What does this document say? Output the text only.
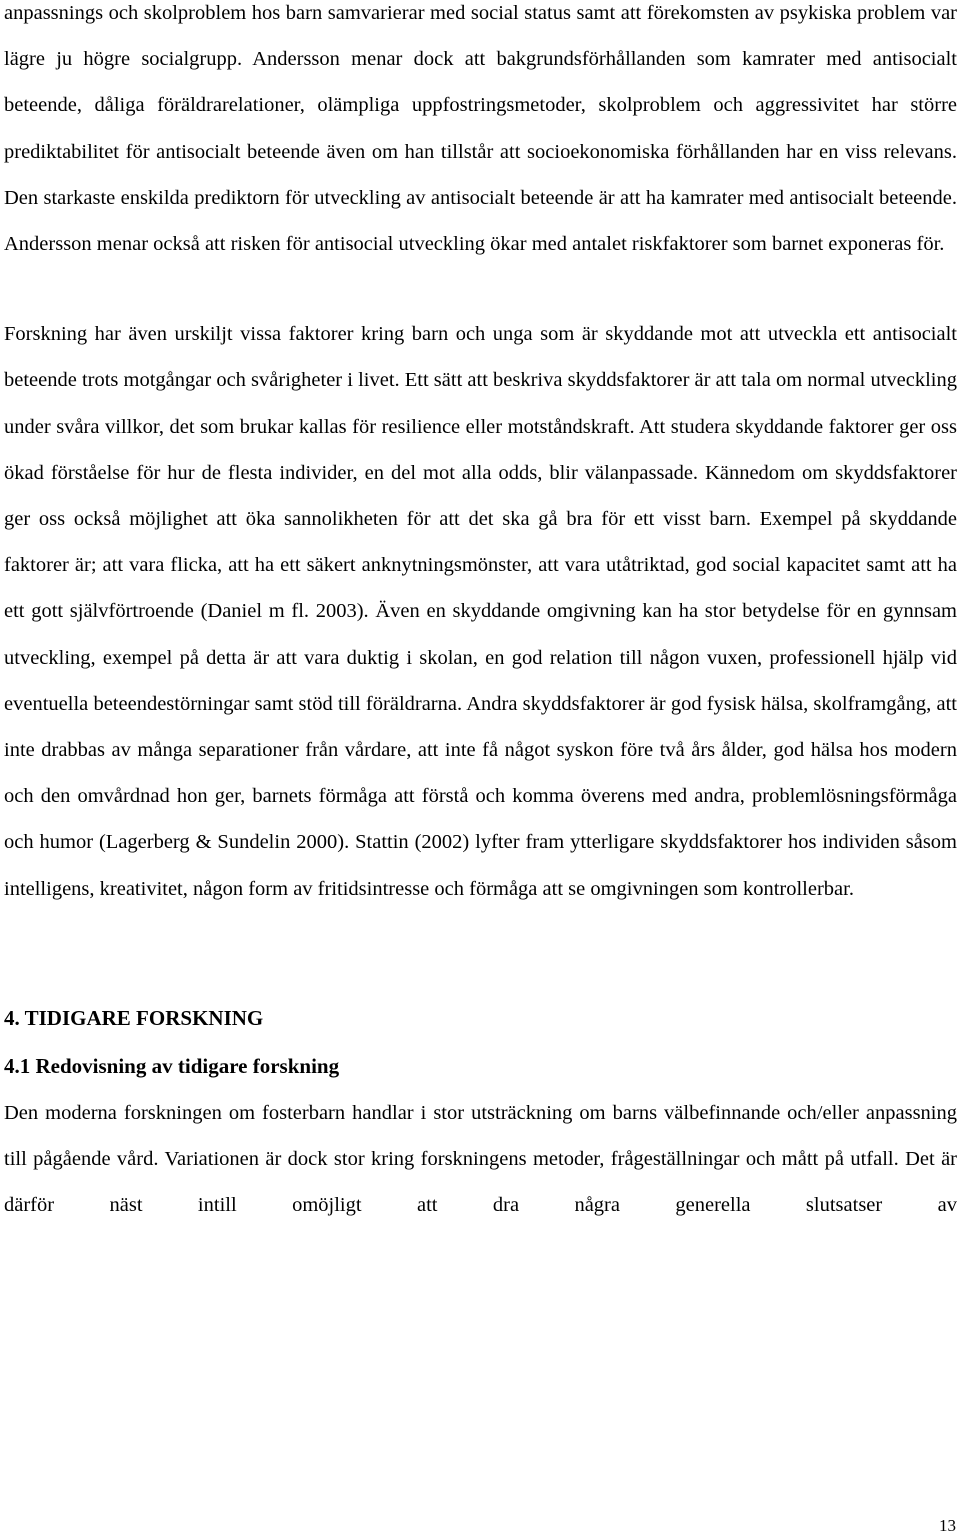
anpassnings och skolproblem hos barn samvarierar med social status samt att förekomsten av psykiska problem var lägre ju högre socialgrupp. Andersson menar dock att bakgrundsförhållanden som kamrater med antisocialt beteende, dåliga föräldrarelationer, olämpliga uppfostringsmetoder, skolproblem och aggressivitet har större prediktabilitet för antisocialt beteende även om han tillstår att socioekonomiska förhållanden har en viss relevans. Den starkaste enskilda prediktorn för utveckling av antisocialt beteende är att ha kamrater med antisocialt beteende. Andersson menar också att risken för antisocial utveckling ökar med antalet riskfaktorer som barnet exponeras för.

Forskning har även urskiljt vissa faktorer kring barn och unga som är skyddande mot att utveckla ett antisocialt beteende trots motgångar och svårigheter i livet. Ett sätt att beskriva skyddsfaktorer är att tala om normal utveckling under svåra villkor, det som brukar kallas för resilience eller motståndskraft. Att studera skyddande faktorer ger oss ökad förståelse för hur de flesta individer, en del mot alla odds, blir välanpassade. Kännedom om skyddsfaktorer ger oss också möjlighet att öka sannolikheten för att det ska gå bra för ett visst barn. Exempel på skyddande faktorer är; att vara flicka, att ha ett säkert anknytningsmönster, att vara utåtriktad, god social kapacitet samt att ha ett gott självförtroende (Daniel m fl. 2003). Även en skyddande omgivning kan ha stor betydelse för en gynnsam utveckling, exempel på detta är att vara duktig i skolan, en god relation till någon vuxen, professionell hjälp vid eventuella beteendestörningar samt stöd till föräldrarna. Andra skyddsfaktorer är god fysisk hälsa, skolframgång, att inte drabbas av många separationer från vårdare, att inte få något syskon före två års ålder, god hälsa hos modern och den omvårdnad hon ger, barnets förmåga att förstå och komma överens med andra, problemlösningsförmåga och humor (Lagerberg & Sundelin 2000). Stattin (2002) lyfter fram ytterligare skyddsfaktorer hos individen såsom intelligens, kreativitet, någon form av fritidsintresse och förmåga att se omgivningen som kontrollerbar.

4. TIDIGARE FORSKNING
4.1 Redovisning av tidigare forskning

Den moderna forskningen om fosterbarn handlar i stor utsträckning om barns välbefinnande och/eller anpassning till pågående vård. Variationen är dock stor kring forskningens metoder, frågeställningar och mått på utfall. Det är därför näst intill omöjligt att dra några generella slutsatser av

13
